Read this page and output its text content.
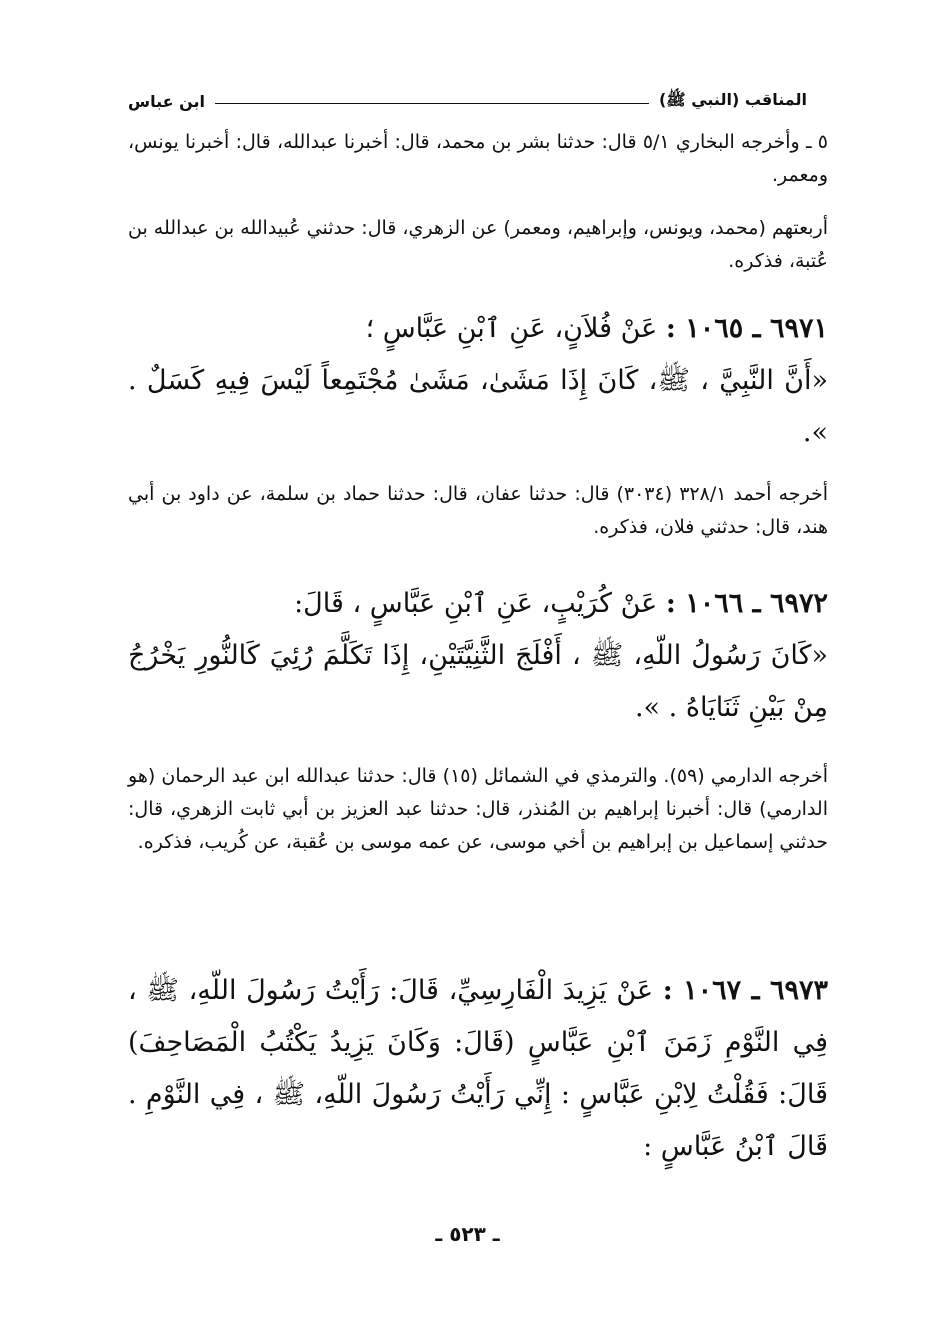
المناقب (النبي ﷺ)
ابن عباس
٥ ـ وأخرجه البخاري ٥/١ قال: حدثنا بشر بن محمد، قال: أخبرنا عبدالله، قال: أخبرنا يونس، ومعمر.
أربعتهم (محمد، ويونس، وإبراهيم، ومعمر) عن الزهري، قال: حدثني عُبيدالله بن عبدالله بن عُتبة، فذكره.
٦٩٧١ ـ ١٠٦٥ : عَنْ فُلاَنٍ، عَنِ ٱبْنِ عَبَّاسٍ ؛
«أَنَّ النَّبِيَّ ، ﷺ، كَانَ إِذَا مَشَىٰ، مَشَىٰ مُجْتَمِعاً لَيْسَ فِيهِ كَسَلٌ . ».
أخرجه أحمد ٣٢٨/١ (٣٠٣٤) قال: حدثنا عفان، قال: حدثنا حماد بن سلمة، عن داود بن أبي هند، قال: حدثني فلان، فذكره.
٦٩٧٢ ـ ١٠٦٦ : عَنْ كُرَيْبٍ، عَنِ ٱبْنِ عَبَّاسٍ ، قَالَ:
«كَانَ رَسُولُ اللّهِ، ﷺ ، أَفْلَجَ الثَّنِيَّتَيْنِ، إِذَا تَكَلَّمَ رُئِيَ كَالنُّورِ يَخْرُجُ مِنْ بَيْنِ ثَنَايَاهُ . ».
أخرجه الدارمي (٥٩). والترمذي في الشمائل (١٥) قال: حدثنا عبدالله ابن عبد الرحمان (هو الدارمي) قال: أخبرنا إبراهيم بن المُنذر، قال: حدثنا عبد العزيز بن أبي ثابت الزهري، قال: حدثني إسماعيل بن إبراهيم بن أخي موسى، عن عمه موسى بن عُقبة، عن كُريب، فذكره.
٦٩٧٣ ـ ١٠٦٧ : عَنْ يَزِيدَ الْفَارِسِيِّ، قَالَ: رَأَيْتُ رَسُولَ اللّهِ، ﷺ ، فِي النَّوْمِ زَمَنَ ٱبْنِ عَبَّاسٍ (قَالَ: وَكَانَ يَزِيدُ يَكْتُبُ الْمَصَاحِفَ) قَالَ: فَقُلْتُ لِابْنِ عَبَّاسٍ : إِنِّي رَأَيْتُ رَسُولَ اللّهِ، ﷺ ، فِي النَّوْمِ . قَالَ ٱبْنُ عَبَّاسٍ :
ـ ٥٢٣ ـ
